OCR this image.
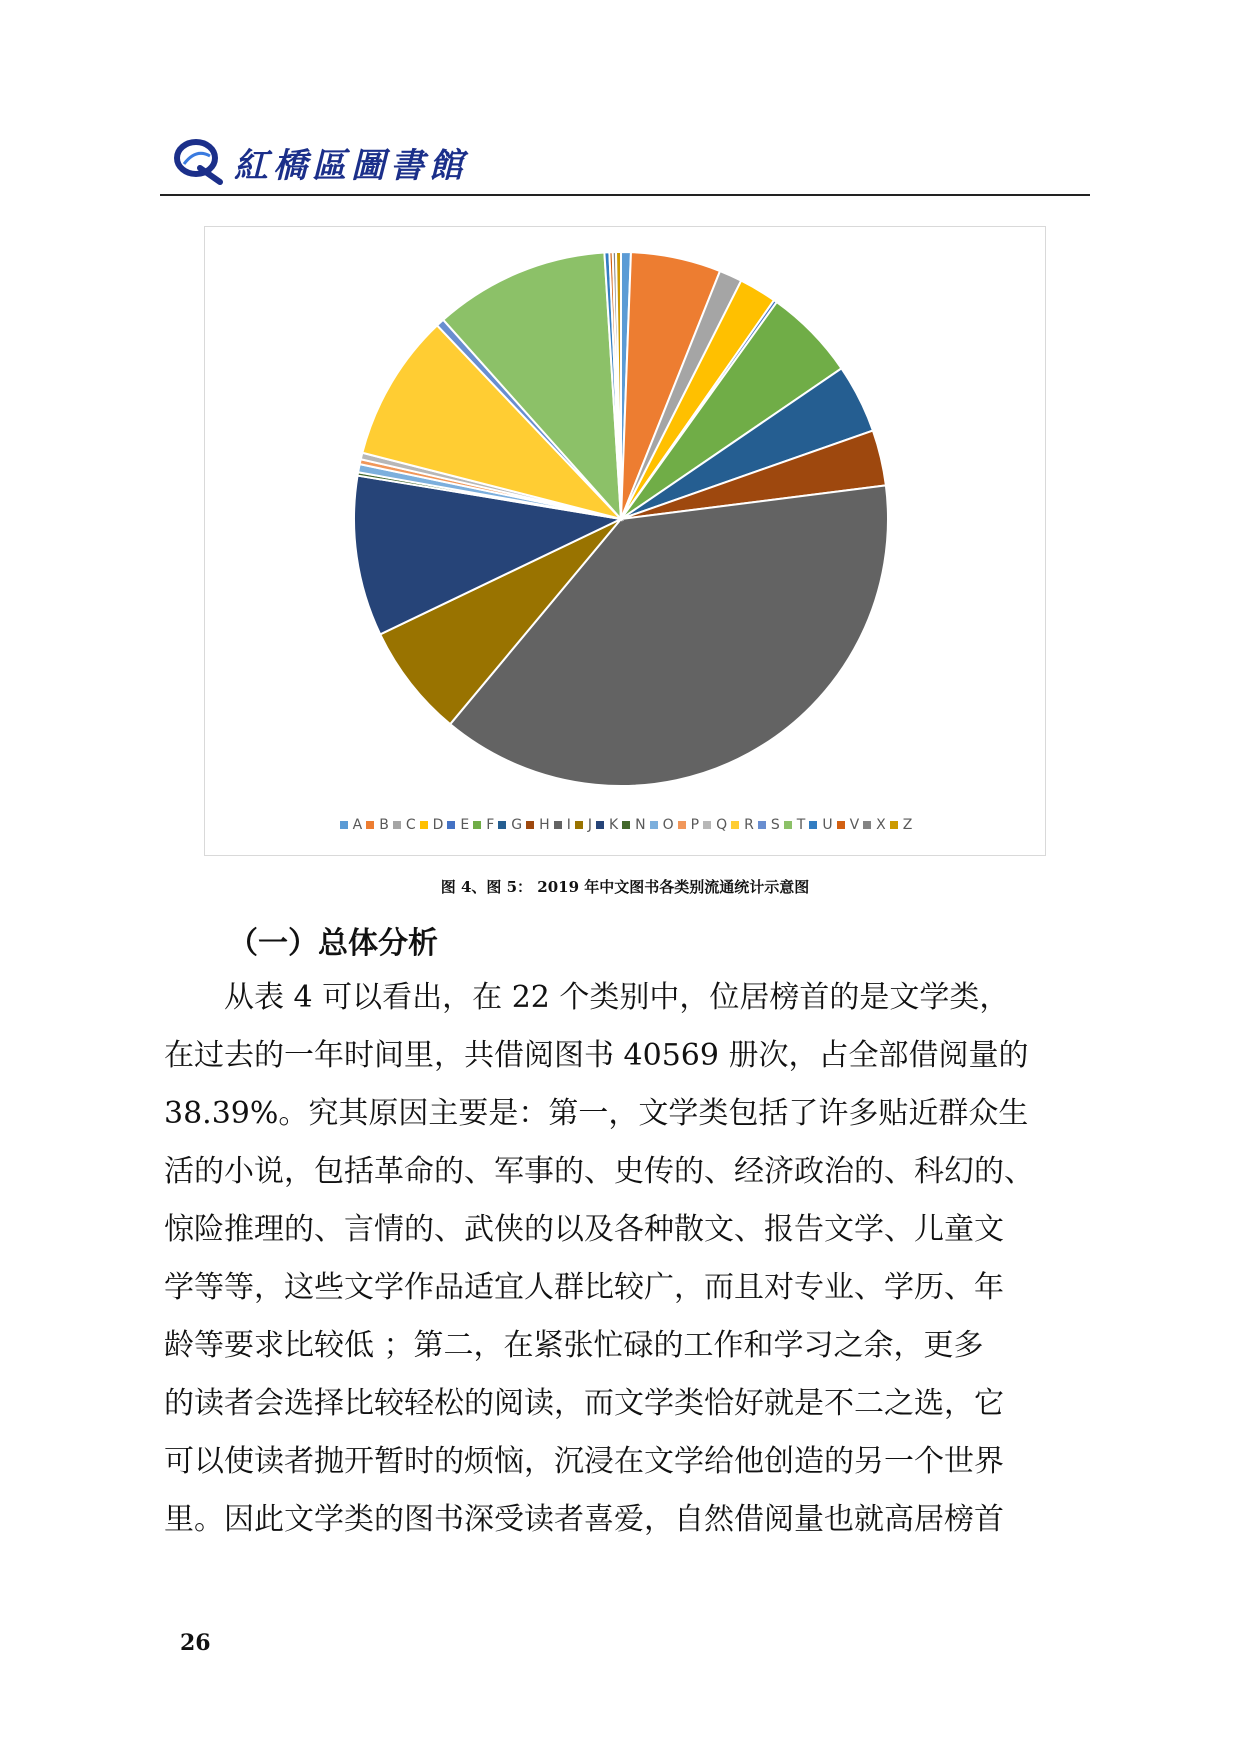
紅橋區圖書館
A B C D E F G H I J K N O P Q R S T U V X Z
图 4、图 5： 2019 年中文图书各类别流通统计示意图
（一）总体分析
从表 4 可以看出，在 22 个类别中，位居榜首的是文学类，
在过去的一年时间里，共借阅图书 40569 册次，占全部借阅量的
38.39%。究其原因主要是：第一，文学类包括了许多贴近群众生
活的小说，包括革命的、军事的、史传的、经济政治的、科幻的、
惊险推理的、言情的、武侠的以及各种散文、报告文学、儿童文
学等等，这些文学作品适宜人群比较广，而且对专业、学历、年
龄等要求比较低 ；第二，在紧张忙碌的工作和学习之余，更多
的读者会选择比较轻松的阅读，而文学类恰好就是不二之选，它
可以使读者抛开暂时的烦恼，沉浸在文学给他创造的另一个世界
里。因此文学类的图书深受读者喜爱，自然借阅量也就高居榜首
26
